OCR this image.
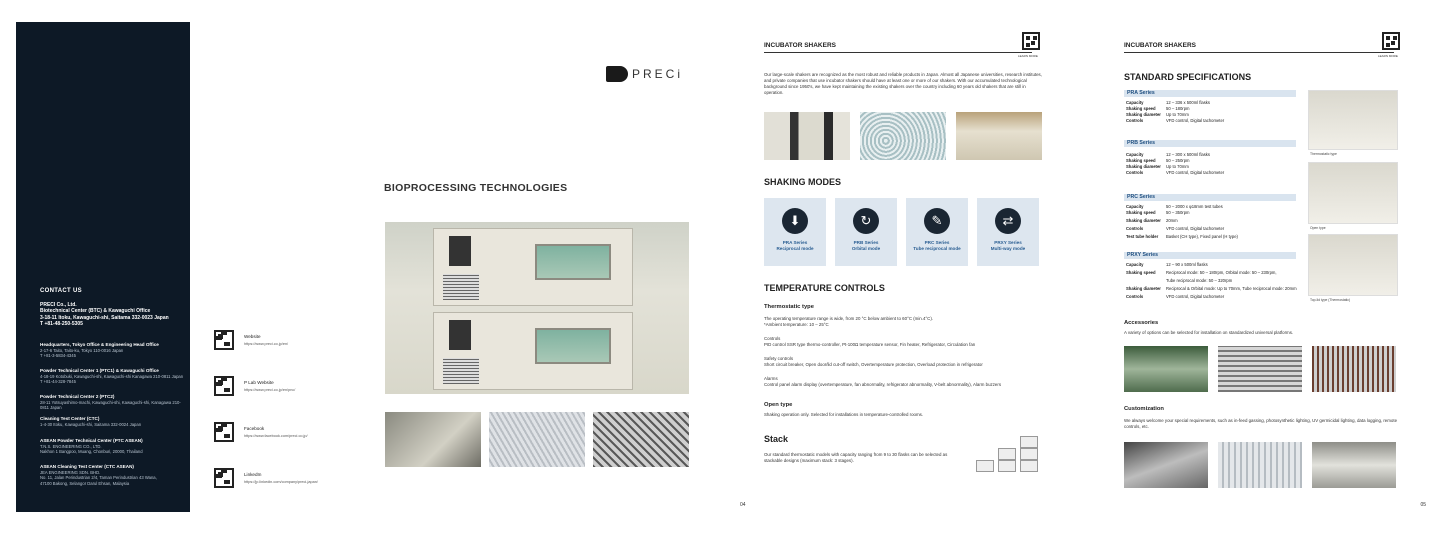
CONTACT US
PRECI Co., Ltd.
Biotechnical Center (BTC) & Kawaguchi Office
3-18-11 Itoku, Kawaguchi-shi, Saitama 332-0023 Japan
T +81-48-250-5305
Headquarters, Tokyo Office & Engineering Head Office
2-17-6 Taito, Taito-ku, Tokyo 110-0016 Japan
T +81-3-5834-4345
Powder Technical Center 1 (PTC1) & Kawaguchi Office
4-18-19 Kotobuki, Kawaguchi-shi, Kawaguchi-shi Kanagawa 210-0811 Japan
T +81-44-328-7845
Powder Technical Center 2 (PTC2)
28-11 Yotsuyashimo-machi, Kawaguchi-shi, Kawaguchi-shi, Kanagawa 210-0811 Japan
Cleaning Test Center (CTC)
1-4-30 Itoku, Kawaguchi-shi, Saitama 332-0024 Japan
ASEAN Powder Technical Center (PTC ASEAN)
T.N.S. ENGINEERING CO., LTD.
Nakhon 1 Bangpoo, Muang, Chonburi, 20000, Thailand
ASEAN Cleaning Test Center (CTC ASEAN)
JEA ENGINEERING SDN. BHD.
No. 11, Jalan Perindustrian 2/4, Taman Perindustrian 43 Wana,
47100 Bakong, Selangor Darul Ehsan, Malaysia
Website
https://www.preci.co.jp/en/
P Lab Website
https://www.preci.co.jp/en/pnc/
Facebook
https://www.facebook.com/preci.co.jp/
LinkedIn
https://jp.linkedin.com/company/preci-japan/
PRECi
BIOPROCESSING TECHNOLOGIES
INCUBATOR SHAKERS
LEARN MORE
Our large-scale shakers are recognized as the most robust and reliable products in Japan. Almost all Japanese universities, research institutes, and private companies that use incubator shakers should have at least one or more of our shakers. With our accumulated technological background since 1950's, we have kept maintaining the existing shakers over the country including 60 years old shakers that are still in operation.
SHAKING MODES
⬇
PRA Series
Reciprocal mode
↻
PRB Series
Orbital mode
✎
PRC Series
Tube reciprocal mode
⇄
PRXY Series
Multi-way mode
TEMPERATURE CONTROLS
Thermostatic type
The operating temperature range is wide, from 20 °C below ambient to 60°C (min.4°C).
*Ambient temperature: 10 – 25°C
Controls
PID control SSR type thermo-controller, Pt-100Ω temperature sensor, Fin heater, Refrigerator, Circulation fan
Safety controls
Short circuit breaker, Open door/lid cut-off switch, Overtemperature protection, Overload protection in refrigerator
Alarms
Control panel alarm display (overtemperature, fan abnormality, refrigerator abnormality, V-belt abnormality), Alarm buzzers
Open type
Shaking operation only. Selected for installations in temperature-controlled rooms.
Stack
Our standard thermostatic models with capacity ranging from 9 to 30 flasks can be selected as stackable designs (maximum stack: 3 stages).
04
INCUBATOR SHAKERS
LEARN MORE
STANDARD SPECIFICATIONS
PRA Series
Capacity	12 – 336 x 500ml flasks
Shaking speed 50 – 180rpm
Shaking diameter Up to 70mm
Controls	VFD control, Digital tachometer
PRB Series
Capacity	12 – 300 x 500ml flasks
Shaking speed 50 – 250rpm
Shaking diameter Up to 70mm
Controls	VFD control, Digital tachometer
PRC Series
Capacity	50 – 2000 x φ18mm test tubes
Shaking speed 50 – 350rpm
Shaking diameter 20mm
Controls	VFD control, Digital tachometer
Test tube holder Basket (CH type), Fixed panel (H type)
PRXY Series
Capacity	12 – 90 x 500ml flasks
Shaking speed Reciprocal mode: 50 – 180rpm, Orbital mode: 50 – 230rpm,
Tube reciprocal mode: 50 – 320rpm
Shaking diameter Reciprocal & Orbital mode: Up to 70mm, Tube reciprocal mode: 20mm
Controls	VFD control, Digital tachometer
Thermostatic type
Open type
Top-lid type (Thermostatic)
Accessories
A variety of options can be selected for installation on standardized universal platforms.
Customization
We always welcome your special requirements, such as in-feed gassing, photosynthetic lighting, UV germicidal lighting, data logging, remote controls, etc.
05
